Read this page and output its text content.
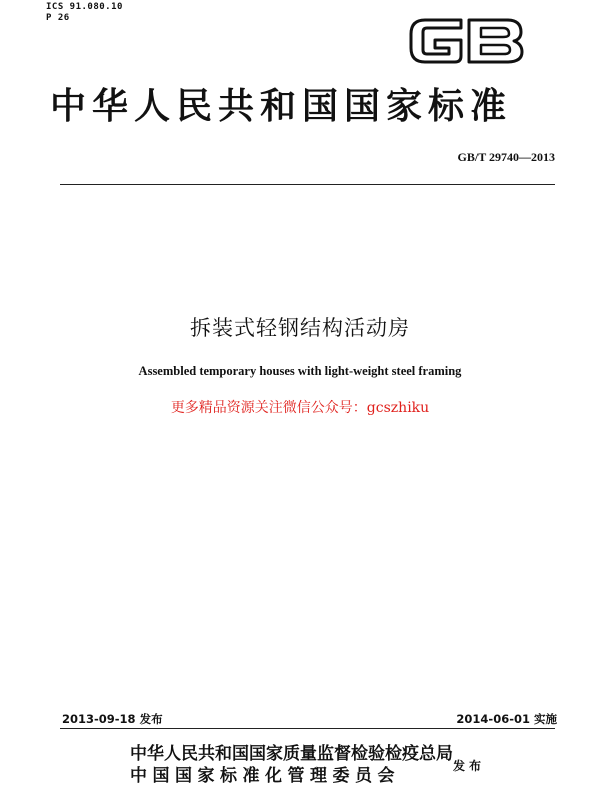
ICS 91.080.10
P 26
中华人民共和国国家标准
GB/T 29740—2013
拆装式轻钢结构活动房
Assembled temporary houses with light-weight steel framing
更多精品资源关注微信公众号：gcszhiku
2013-09-18 发布	2014-06-01 实施
中华人民共和国国家质量监督检验检疫总局
中国国家标准化管理委员会	发布
